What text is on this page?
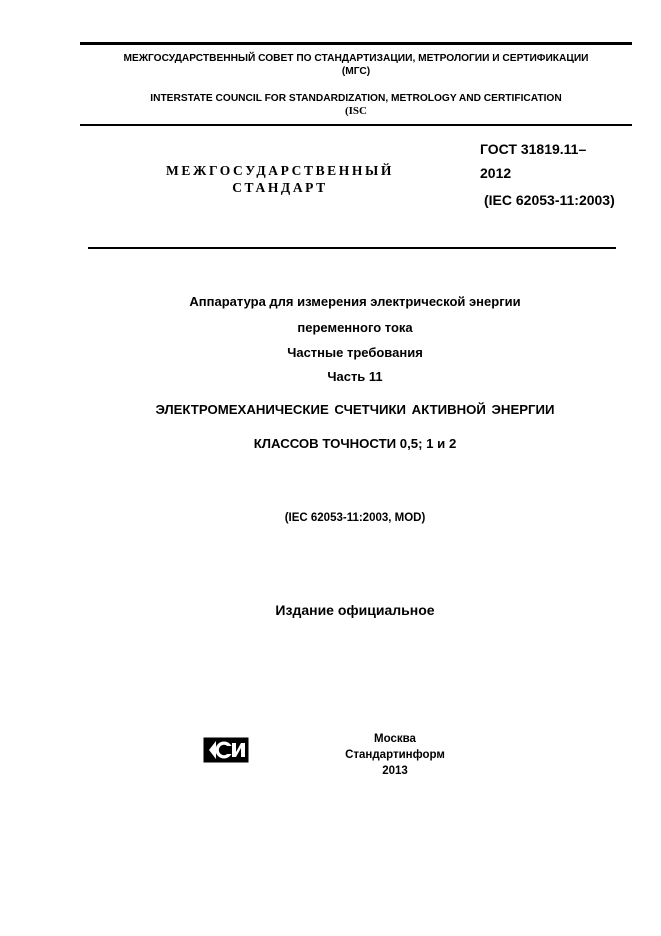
МЕЖГОСУДАРСТВЕННЫЙ СОВЕТ ПО СТАНДАРТИЗАЦИИ, МЕТРОЛОГИИ И СЕРТИФИКАЦИИ
(МГС)
INTERSTATE COUNCIL FOR STANDARDIZATION, METROLOGY AND CERTIFICATION
(ISC
МЕЖГОСУДАРСТВЕННЫЙ
СТАНДАРТ
ГОСТ 31819.11–
2012
(IEC 62053-11:2003)
Аппаратура для измерения электрической энергии
переменного тока
Частные требования
Часть 11
ЭЛЕКТРОМЕХАНИЧЕСКИЕ СЧЕТЧИКИ АКТИВНОЙ ЭНЕРГИИ
КЛАССОВ ТОЧНОСТИ 0,5; 1 и 2
(IEC 62053-11:2003, MOD)
Издание официальное
Москва
Стандартинформ
2013
